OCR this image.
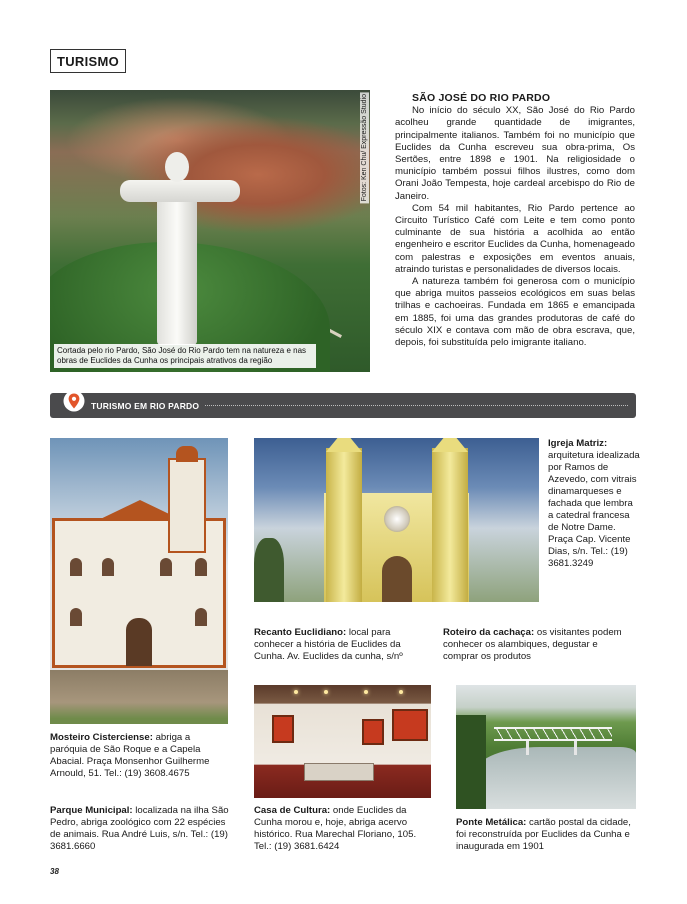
TURISMO
Fotos: Ken Chu/ Expressão Studio
Cortada pelo rio Pardo, São José do Rio Pardo tem na natureza e nas obras de Euclides da Cunha os principais atrativos da região
SÃO JOSÉ DO RIO PARDO

No início do século XX, São José do Rio Pardo acolheu grande quantidade de imigrantes, principalmente italianos. Também foi no município que Euclides da Cunha escreveu sua obra-prima, Os Sertões, entre 1898 e 1901. Na religiosidade o município também possui filhos ilustres, como dom Orani João Tempesta, hoje cardeal arcebispo do Rio de Janeiro.

Com 54 mil habitantes, Rio Pardo pertence ao Circuito Turístico Café com Leite e tem como ponto culminante de sua história a acolhida ao então engenheiro e escritor Euclides da Cunha, homenageado com palestras e exposições em eventos anuais, atraindo turistas e personalidades de diversos locais.

A natureza também foi generosa com o município que abriga muitos passeios ecológicos em suas belas trilhas e cachoeiras. Fundada em 1865 e emancipada em 1885, foi uma das grandes produtoras de café do século XIX e contava com mão de obra escrava, que, depois, foi substituída pelo imigrante italiano.

TURISMO EM RIO PARDO
Igreja Matriz: arquitetura idealizada por Ramos de Azevedo, com vitrais dinamarqueses e fachada que lembra a catedral francesa de Notre Dame. Praça Cap. Vicente Dias, s/n. Tel.: (19) 3681.3249
Recanto Euclidiano: local para conhecer a história de Euclides da Cunha. Av. Euclides da cunha, s/nº
Roteiro da cachaça: os visitantes podem conhecer os alambiques, degustar e comprar os produtos
Mosteiro Cisterciense: abriga a paróquia de São Roque e a Capela Abacial. Praça Monsenhor Guilherme Arnould, 51. Tel.: (19) 3608.4675
Parque Municipal: localizada na ilha São Pedro, abriga zoológico com 22 espécies de animais. Rua André Luis, s/n. Tel.: (19) 3681.6660
Casa de Cultura: onde Euclides da Cunha morou e, hoje, abriga acervo histórico. Rua Marechal Floriano, 105. Tel.: (19) 3681.6424
Ponte Metálica: cartão postal da cidade, foi reconstruída por Euclides da Cunha e inaugurada em 1901
38
